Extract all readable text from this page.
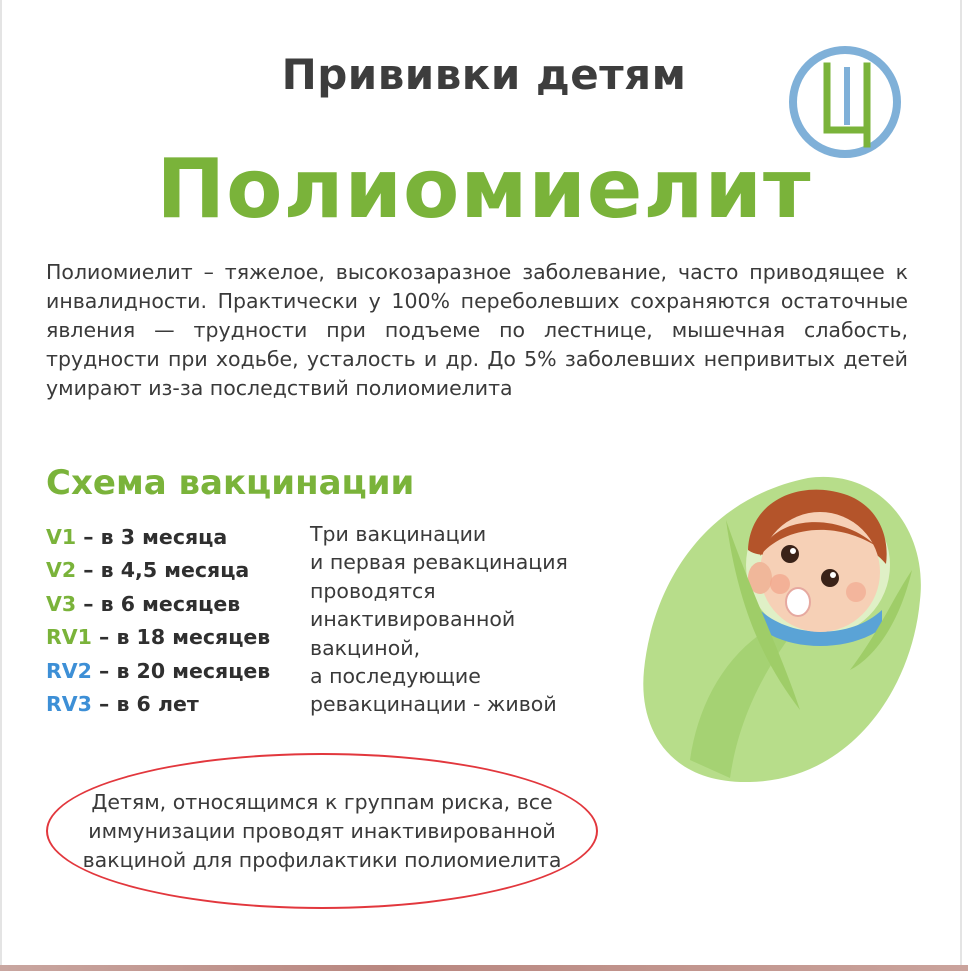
Прививки детям
Полиомиелит
Полиомиелит – тяжелое, высокозаразное заболевание, часто приводящее к инвалидности. Практически у 100% переболевших сохраняются остаточные явления — трудности при подъеме по лестнице, мышечная слабость, трудности при ходьбе, усталость и др. До 5% заболевших непривитых детей умирают из-за последствий полиомиелита
Схема вакцинации
V1 – в 3 месяца
V2 – в 4,5 месяца
V3 – в 6 месяцев
RV1 – в 18 месяцев
RV2 – в 20 месяцев
RV3 – в 6 лет
Три вакцинации
и первая ревакцинация
проводятся
инактивированной
вакциной,
а последующие
ревакцинации - живой
Детям, относящимся к группам риска, все иммунизации проводят инактивированной вакциной для профилактики полиомиелита
